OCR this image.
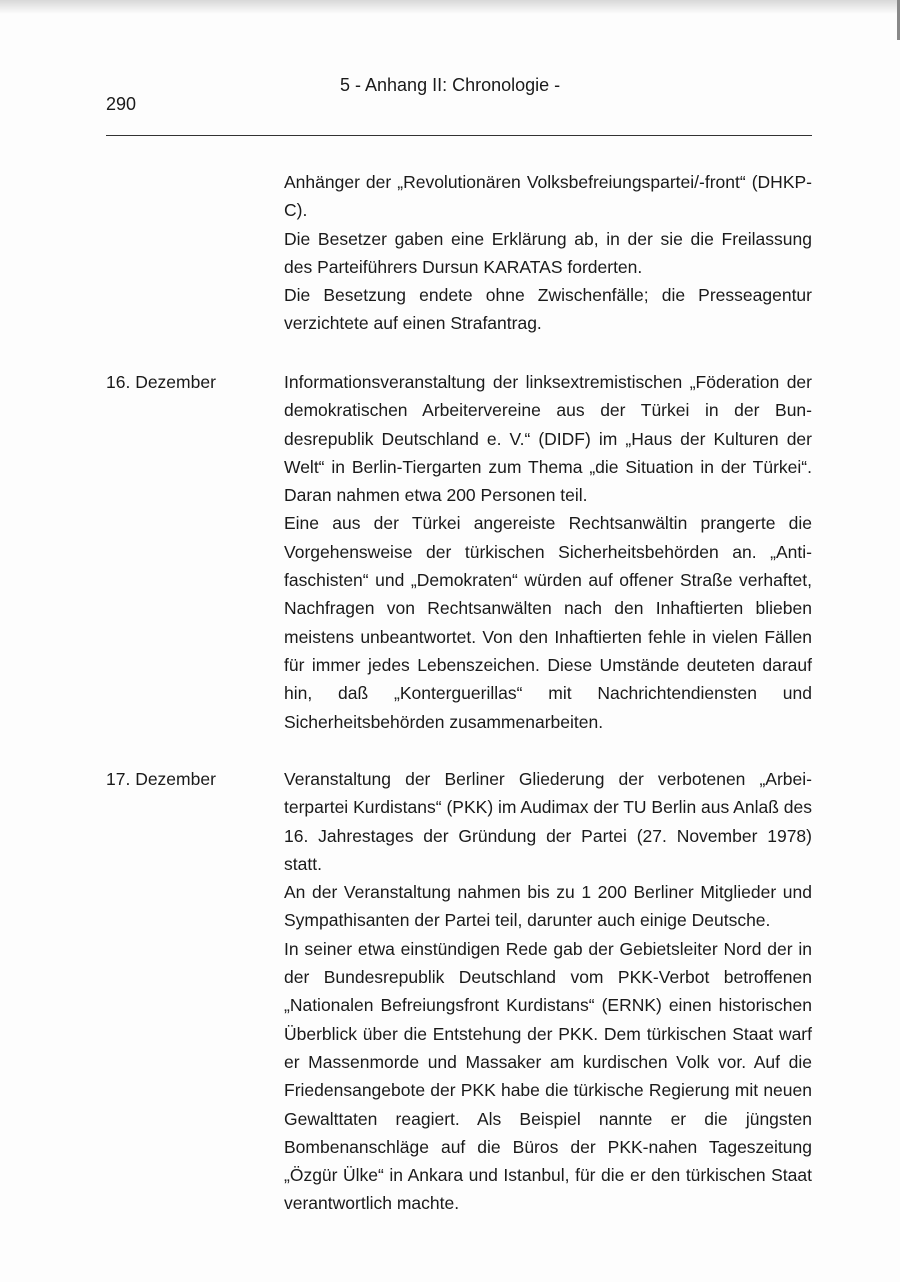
5 - Anhang II: Chronologie -
290

Anhänger der „Revolutionären Volksbefreiungspartei/-front“ (DHKP-C).

Die Besetzer gaben eine Erklärung ab, in der sie die Freilassung des Parteiführers Dursun KARATAS forderten.

Die Besetzung endete ohne Zwischenfälle; die Presseagentur verzichtete auf einen Strafantrag.

16. Dezember	Informationsveranstaltung der linksextremistischen „Föderation der demokratischen Arbeitervereine aus der Türkei in der Bundesrepublik Deutschland e. V.“ (DIDF) im „Haus der Kulturen der Welt“ in Berlin-Tiergarten zum Thema „die Situation in der Türkei“. Daran nahmen etwa 200 Personen teil.

Eine aus der Türkei angereiste Rechtsanwältin prangerte die Vorgehensweise der türkischen Sicherheitsbehörden an. „Antifaschisten“ und „Demokraten“ würden auf offener Straße verhaftet, Nachfragen von Rechtsanwälten nach den Inhaftierten blieben meistens unbeantwortet. Von den Inhaftierten fehle in vielen Fällen für immer jedes Lebenszeichen. Diese Umstände deuteten darauf hin, daß „Konterguerillas“ mit Nachrichtendiensten und Sicherheitsbehörden zusammenarbeiten.

17. Dezember	Veranstaltung der Berliner Gliederung der verbotenen „Arbeiterpartei Kurdistans“ (PKK) im Audimax der TU Berlin aus Anlaß des 16. Jahrestages der Gründung der Partei (27. November 1978) statt.

An der Veranstaltung nahmen bis zu 1 200 Berliner Mitglieder und Sympathisanten der Partei teil, darunter auch einige Deutsche.

In seiner etwa einstündigen Rede gab der Gebietsleiter Nord der in der Bundesrepublik Deutschland vom PKK-Verbot betroffenen „Nationalen Befreiungsfront Kurdistans“ (ERNK) einen historischen Überblick über die Entstehung der PKK. Dem türkischen Staat warf er Massenmorde und Massaker am kurdischen Volk vor. Auf die Friedensangebote der PKK habe die türkische Regierung mit neuen Gewalttaten reagiert. Als Beispiel nannte er die jüngsten Bombenanschläge auf die Büros der PKK-nahen Tageszeitung „Özgür Ülke“ in Ankara und Istanbul, für die er den türkischen Staat verantwortlich machte.
